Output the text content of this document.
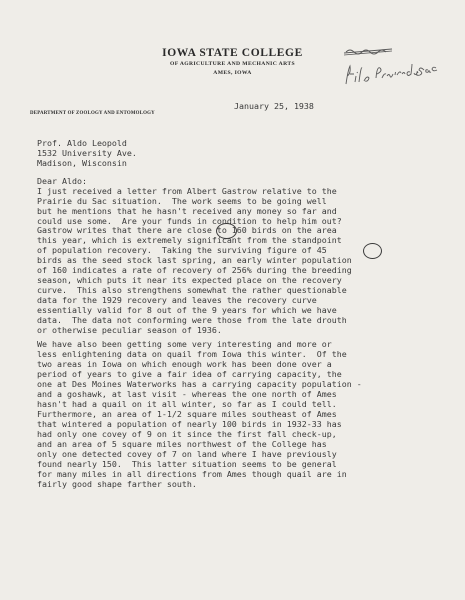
IOWA STATE COLLEGE
OF AGRICULTURE AND MECHANIC ARTS
AMES, IOWA
DEPARTMENT OF ZOOLOGY AND ENTOMOLOGY
January 25, 1938
Prof. Aldo Leopold
1532 University Ave.
Madison, Wisconsin
Dear Aldo:
I just received a letter from Albert Gastrow relative to the
Prairie du Sac situation.  The work seems to be going well
but he mentions that he hasn't received any money so far and
could use some.  Are your funds in condition to help him out?
Gastrow writes that there are close to 160 birds on the area
this year, which is extremely significant from the standpoint
of population recovery.  Taking the surviving figure of 45
birds as the seed stock last spring, an early winter population
of 160 indicates a rate of recovery of 256% during the breeding
season, which puts it near its expected place on the recovery
curve.  This also strengthens somewhat the rather questionable
data for the 1929 recovery and leaves the recovery curve
essentially valid for 8 out of the 9 years for which we have
data.  The data not conforming were those from the late drouth
or otherwise peculiar season of 1936.
We have also been getting some very interesting and more or
less enlightening data on quail from Iowa this winter.  Of the
two areas in Iowa on which enough work has been done over a
period of years to give a fair idea of carrying capacity, the
one at Des Moines Waterworks has a carrying capacity population -
and a goshawk, at last visit - whereas the one north of Ames
hasn't had a quail on it all winter, so far as I could tell.
Furthermore, an area of 1-1/2 square miles southeast of Ames
that wintered a population of nearly 100 birds in 1932-33 has
had only one covey of 9 on it since the first fall check-up,
and an area of 5 square miles northwest of the College has
only one detected covey of 7 on land where I have previously
found nearly 150.  This latter situation seems to be general
for many miles in all directions from Ames though quail are in
fairly good shape farther south.
